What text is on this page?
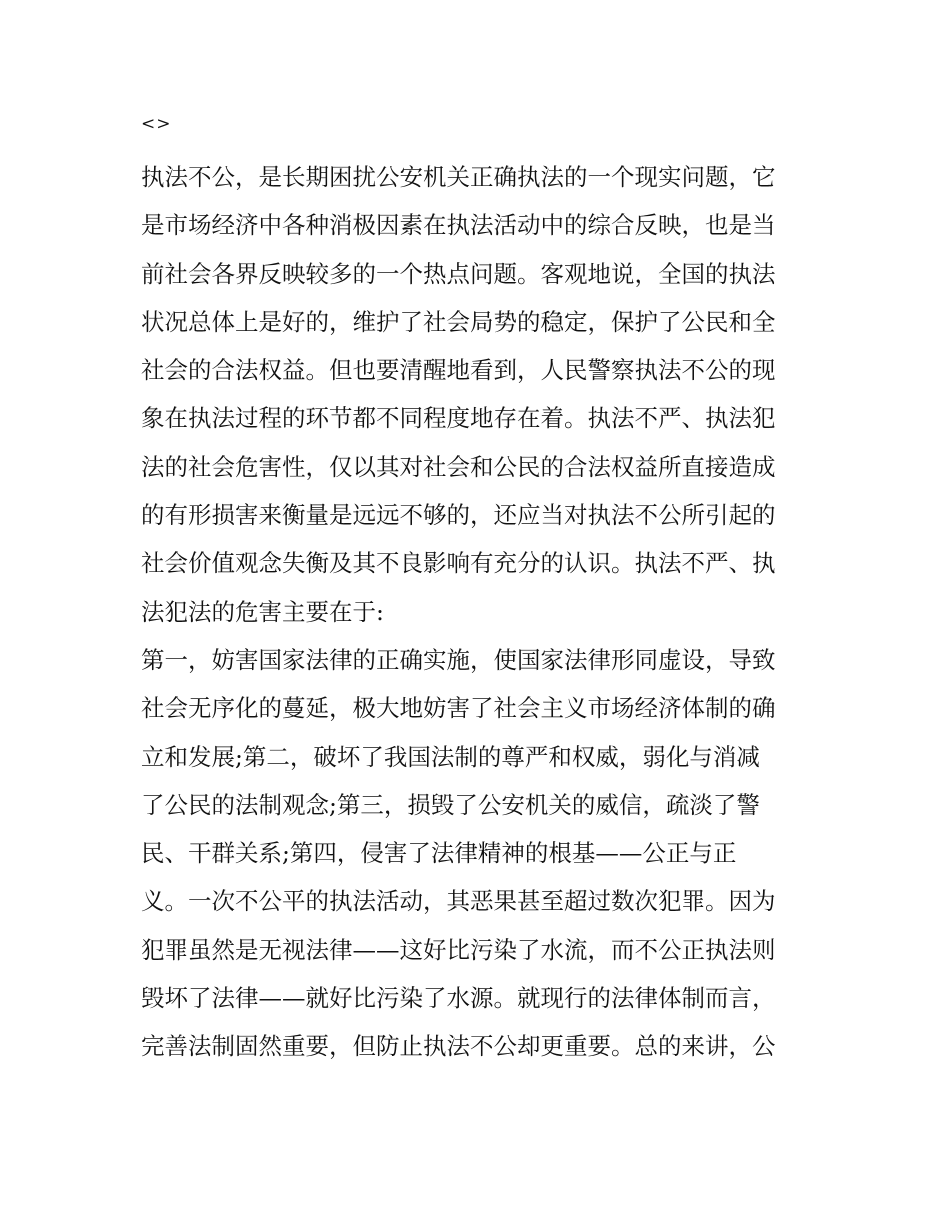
<>
执法不公，是长期困扰公安机关正确执法的一个现实问题，它
是市场经济中各种消极因素在执法活动中的综合反映，也是当
前社会各界反映较多的一个热点问题。客观地说，全国的执法
状况总体上是好的，维护了社会局势的稳定，保护了公民和全
社会的合法权益。但也要清醒地看到，人民警察执法不公的现
象在执法过程的环节都不同程度地存在着。执法不严、执法犯
法的社会危害性，仅以其对社会和公民的合法权益所直接造成
的有形损害来衡量是远远不够的，还应当对执法不公所引起的
社会价值观念失衡及其不良影响有充分的认识。执法不严、执
法犯法的危害主要在于:
第一，妨害国家法律的正确实施，使国家法律形同虚设，导致
社会无序化的蔓延，极大地妨害了社会主义市场经济体制的确
立和发展;第二，破坏了我国法制的尊严和权威，弱化与消减
了公民的法制观念;第三，损毁了公安机关的威信，疏淡了警
民、干群关系;第四，侵害了法律精神的根基——公正与正
义。一次不公平的执法活动，其恶果甚至超过数次犯罪。因为
犯罪虽然是无视法律——这好比污染了水流，而不公正执法则
毁坏了法律——就好比污染了水源。就现行的法律体制而言，
完善法制固然重要，但防止执法不公却更重要。总的来讲，公
